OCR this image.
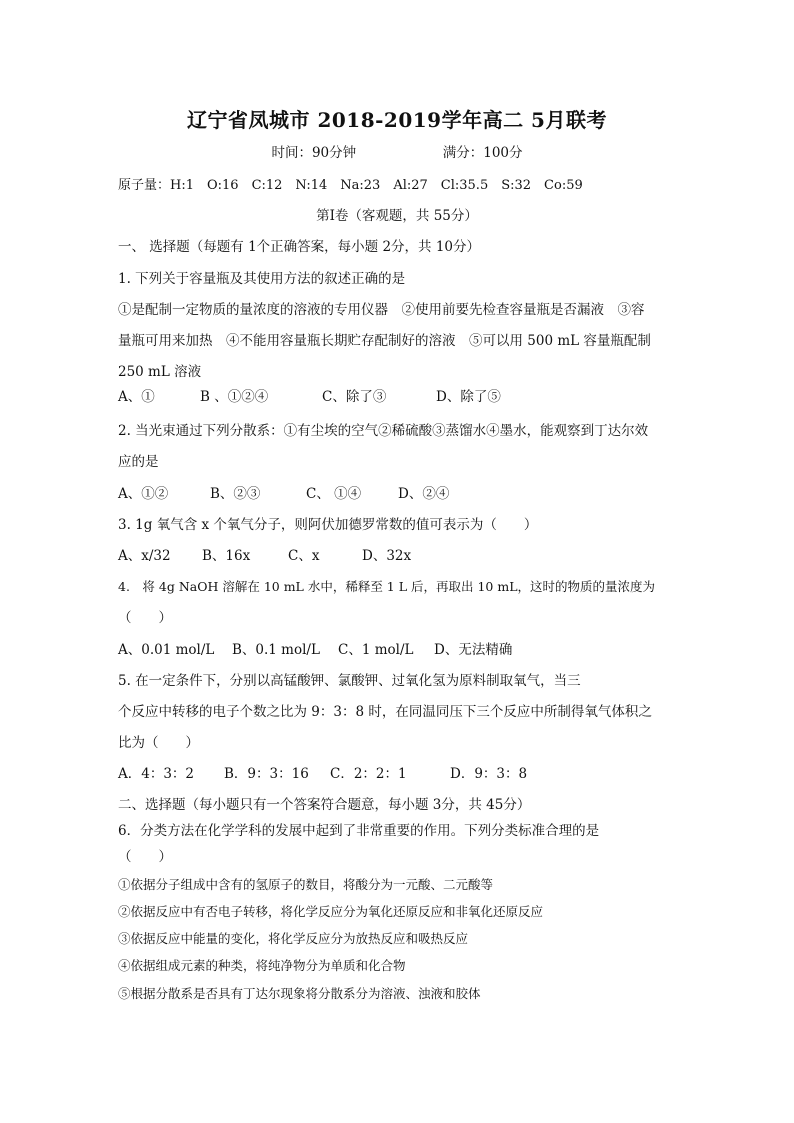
辽宁省凤城市 2018-2019学年高二 5月联考
时间：90分钟	满分：100分
原子量：H:1　O:16　C:12　N:14　Na:23　Al:27　Cl:35.5　S:32　Co:59
第Ⅰ卷（客观题，共 55分）
一、 选择题（每题有 1个正确答案，每小题 2分，共 10分）
1. 下列关于容量瓶及其使用方法的叙述正确的是
①是配制一定物质的量浓度的溶液的专用仪器　②使用前要先检查容量瓶是否漏液　③容
量瓶可用来加热　④不能用容量瓶长期贮存配制好的溶液　⑤可以用 500 mL 容量瓶配制
250 mL 溶液
A、①	B 、①②④	C、除了③	D、除了⑤
2. 当光束通过下列分散系：①有尘埃的空气②稀硫酸③蒸馏水④墨水，能观察到丁达尔效
应的是
A、①②	B、②③	C、 ①④	D、②④
3. 1g 氧气含 x 个氧气分子，则阿伏加德罗常数的值可表示为（　　）
A、x/32 B、16x	C、x	D、32x
4.　将 4g NaOH 溶解在 10 mL 水中，稀释至 1 L 后，再取出 10 mL，这时的物质的量浓度为
（　　）
A、0.01 mol/L B、0.1 mol/L C、1 mol/L D、无法精确
5. 在一定条件下，分别以高锰酸钾、氯酸钾、过氧化氢为原料制取氧气，当三
个反应中转移的电子个数之比为 9：3：8 时，在同温同压下三个反应中所制得氧气体积之
比为（　　）
A．4：3：2 B．9：3：16 C．2：2：1	D．9：3：8
二、选择题（每小题只有一个答案符合题意，每小题 3分，共 45分）
6．分类方法在化学学科的发展中起到了非常重要的作用。下列分类标准合理的是
（　　）
①依据分子组成中含有的氢原子的数目，将酸分为一元酸、二元酸等
②依据反应中有否电子转移，将化学反应分为氧化还原反应和非氧化还原反应
③依据反应中能量的变化，将化学反应分为放热反应和吸热反应
④依据组成元素的种类，将纯净物分为单质和化合物
⑤根据分散系是否具有丁达尔现象将分散系分为溶液、浊液和胶体
